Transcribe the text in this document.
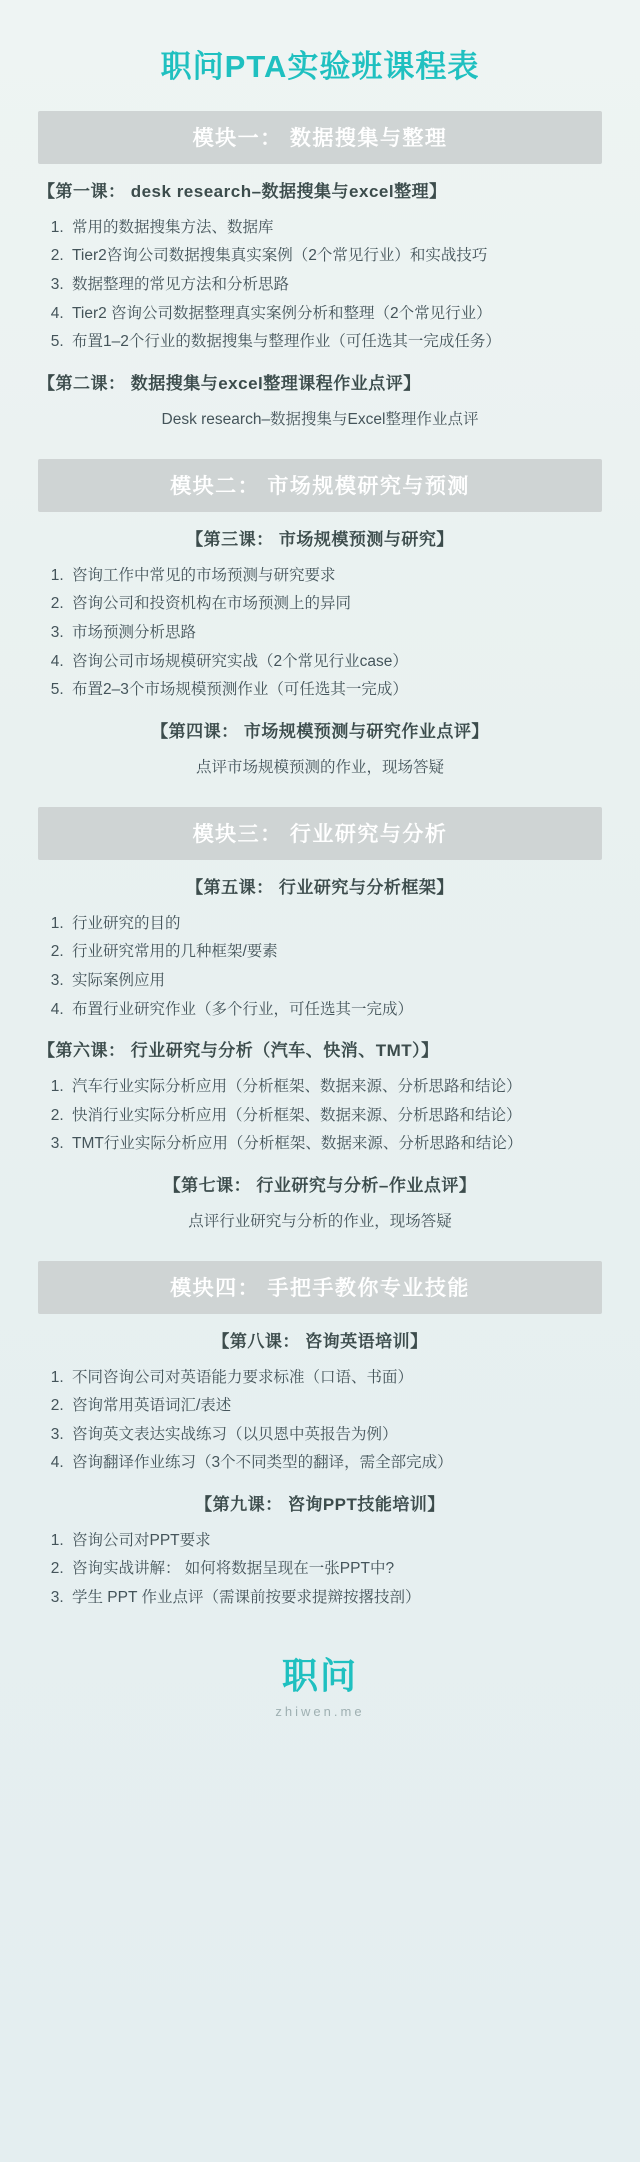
职问PTA实验班课程表
模块一： 数据搜集与整理
【第一课： desk research–数据搜集与excel整理】
1. 常用的数据搜集方法、数据库
2. Tier2咨询公司数据搜集真实案例（2个常见行业）和实战技巧
3. 数据整理的常见方法和分析思路
4. Tier2 咨询公司数据整理真实案例分析和整理（2个常见行业）
5. 布置1–2个行业的数据搜集与整理作业（可任选其一完成任务）
【第二课： 数据搜集与excel整理课程作业点评】
Desk research–数据搜集与Excel整理作业点评
模块二： 市场规模研究与预测
【第三课： 市场规模预测与研究】
1. 咨询工作中常见的市场预测与研究要求
2. 咨询公司和投资机构在市场预测上的异同
3. 市场预测分析思路
4. 咨询公司市场规模研究实战（2个常见行业case）
5. 布置2–3个市场规模预测作业（可任选其一完成）
【第四课： 市场规模预测与研究作业点评】
点评市场规模预测的作业，现场答疑
模块三： 行业研究与分析
【第五课： 行业研究与分析框架】
1. 行业研究的目的
2. 行业研究常用的几种框架/要素
3. 实际案例应用
4. 布置行业研究作业（多个行业，可任选其一完成）
【第六课： 行业研究与分析（汽车、快消、TMT）】
1. 汽车行业实际分析应用（分析框架、数据来源、分析思路和结论）
2. 快消行业实际分析应用（分析框架、数据来源、分析思路和结论）
3. TMT行业实际分析应用（分析框架、数据来源、分析思路和结论）
【第七课： 行业研究与分析–作业点评】
点评行业研究与分析的作业，现场答疑
模块四： 手把手教你专业技能
【第八课： 咨询英语培训】
1. 不同咨询公司对英语能力要求标准（口语、书面）
2. 咨询常用英语词汇/表述
3. 咨询英文表达实战练习（以贝恩中英报告为例）
4. 咨询翻译作业练习（3个不同类型的翻译，需全部完成）
【第九课： 咨询PPT技能培训】
1. 咨询公司对PPT要求
2. 咨询实战讲解： 如何将数据呈现在一张PPT中?
3. 学生 PPT 作业点评（需课前按要求提辬按撂技剖）
职问
zhiwen.me
